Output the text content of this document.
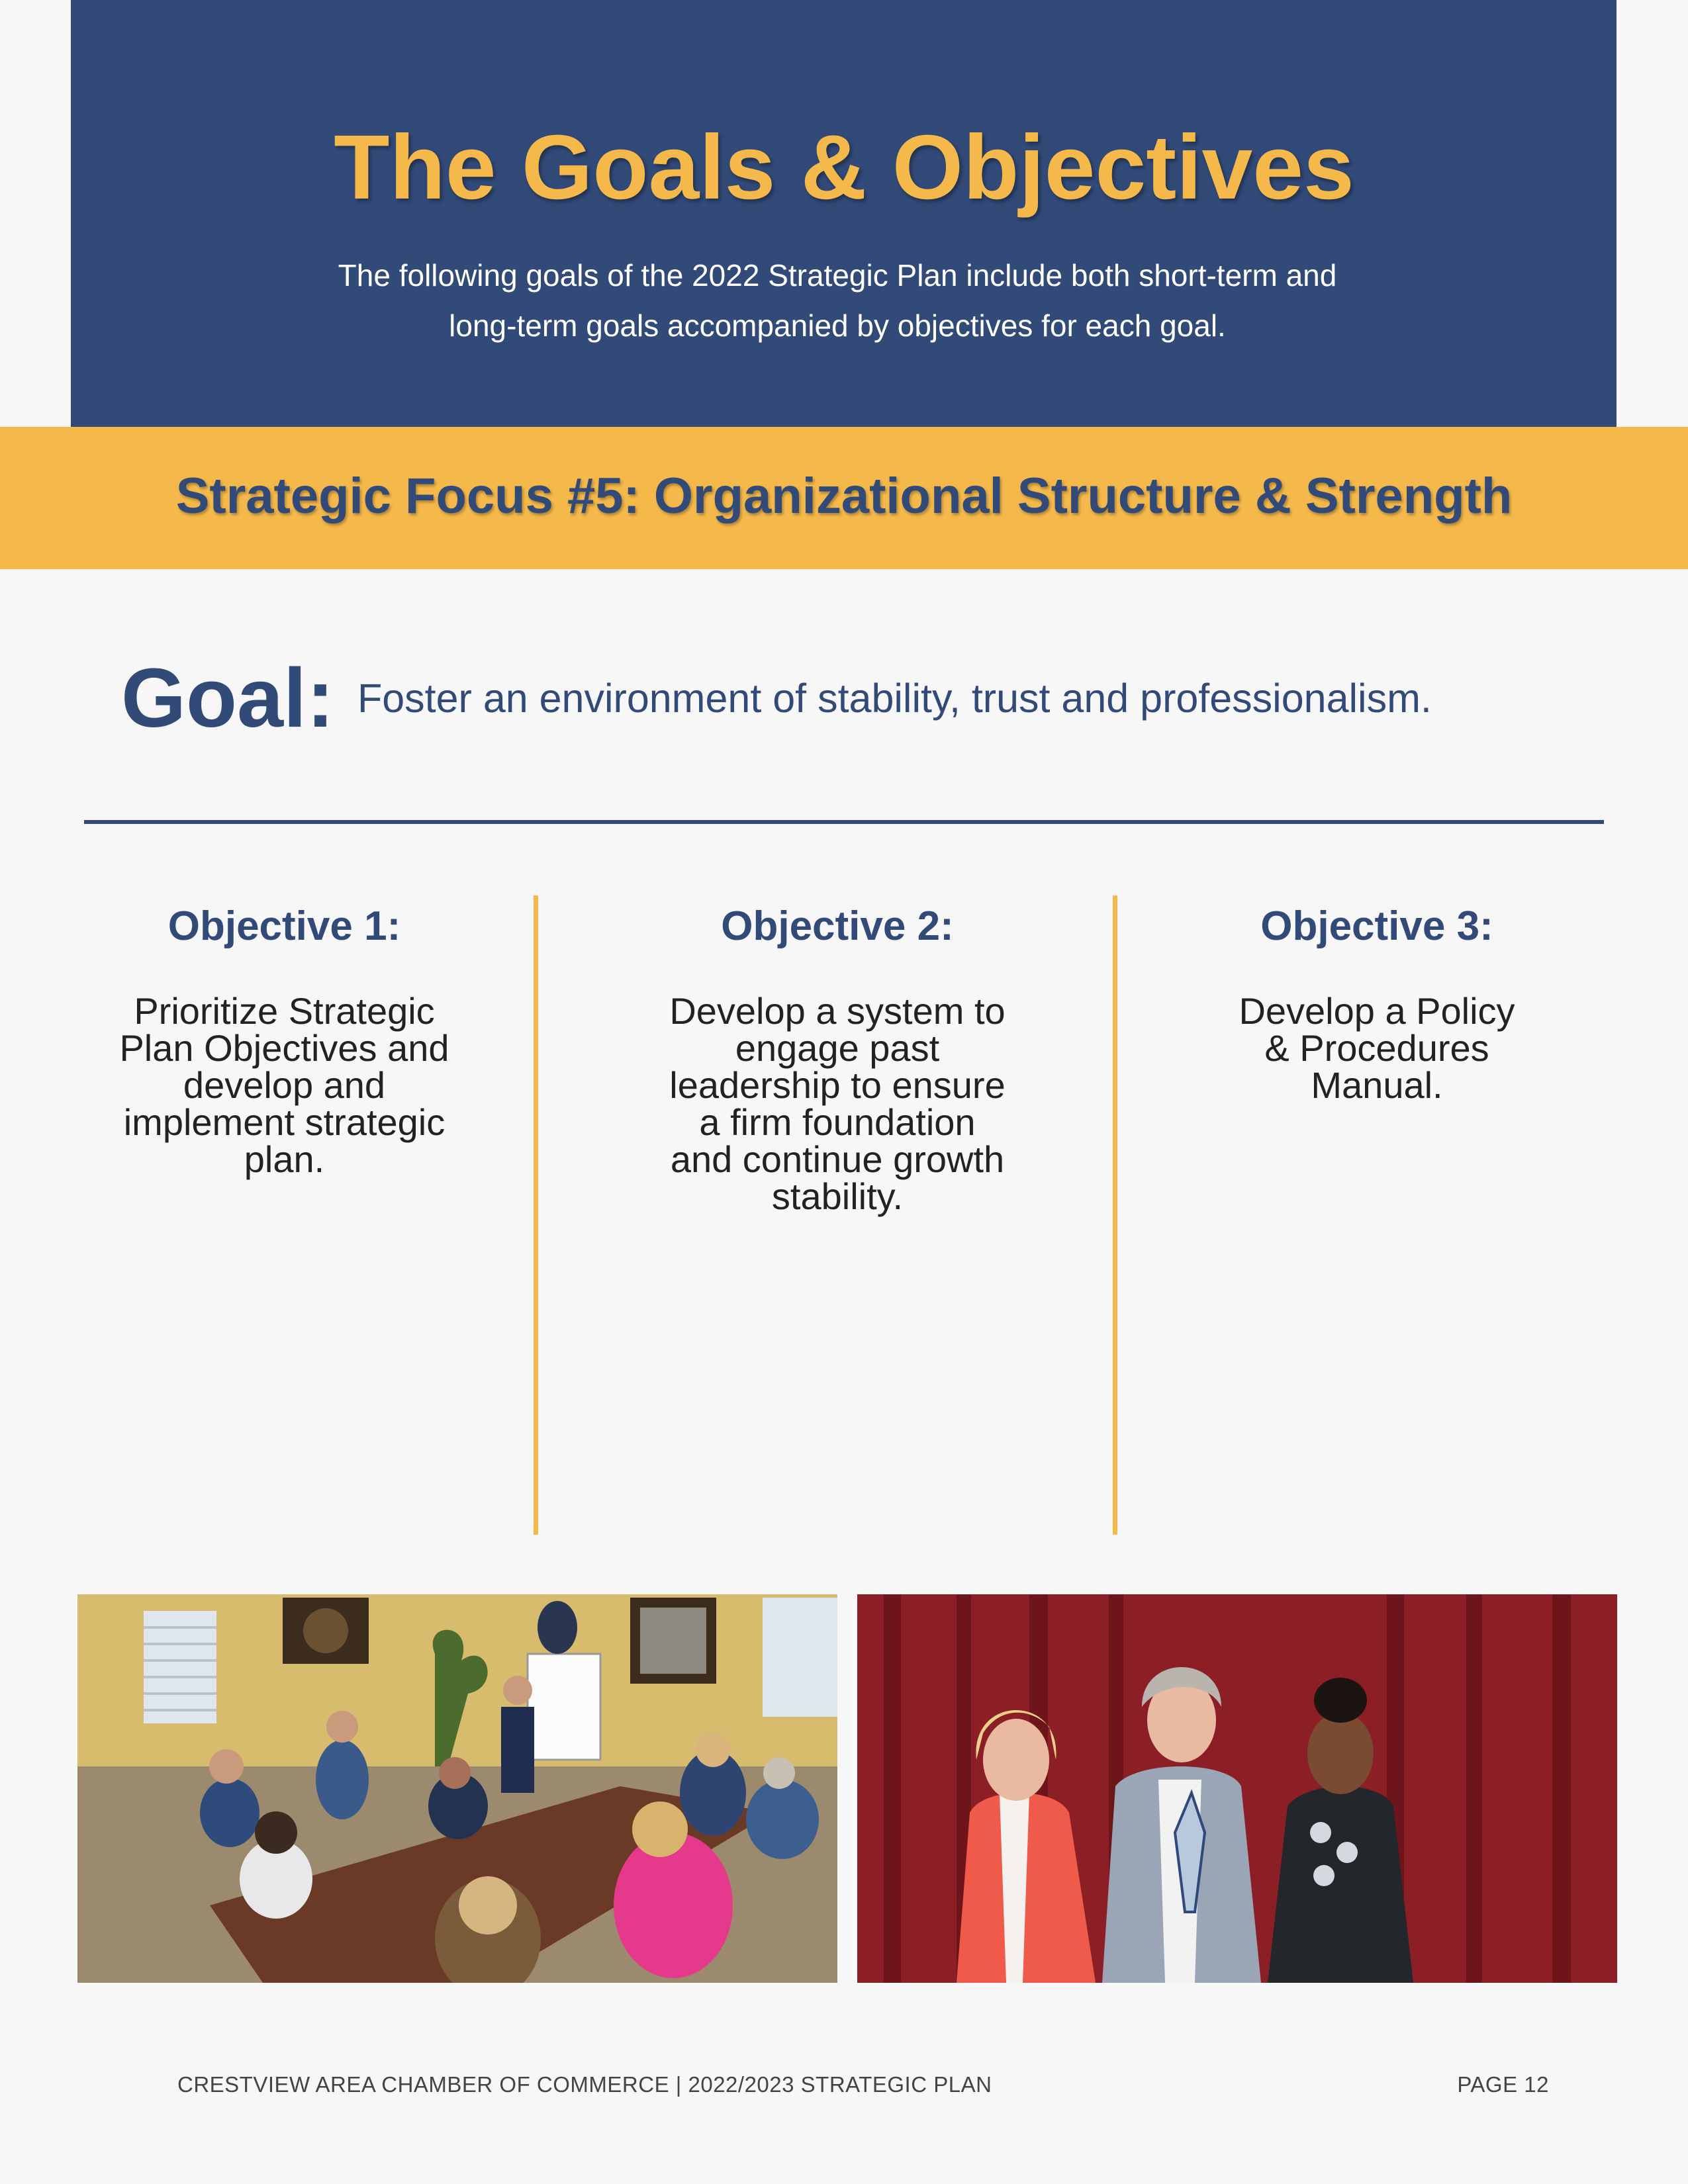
The Goals & Objectives
The following goals of the 2022 Strategic Plan include both short-term and long-term goals accompanied by objectives for each goal.
Strategic Focus #5: Organizational Structure & Strength
Goal: Foster an environment of stability, trust and professionalism.
Objective 1:
Prioritize Strategic Plan Objectives and develop and implement strategic plan.
Objective 2:
Develop a system to engage past leadership to ensure a firm foundation and continue growth stability.
Objective 3:
Develop a Policy & Procedures Manual.
CRESTVIEW AREA CHAMBER OF COMMERCE | 2022/2023 STRATEGIC PLAN	PAGE 12
